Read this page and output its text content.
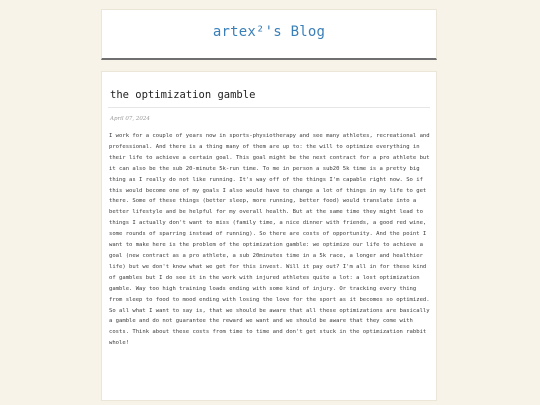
artex²'s Blog
the optimization gamble
April 07, 2024

I work for a couple of years now in sports-physiotherapy and see many athletes, recreational and professional. And there is a thing many of them are up to: the will to optimize everything in their life to achieve a certain goal. This goal might be the next contract for a pro athlete but it can also be the sub 20-minute 5k-run time. To me in person a sub20 5k time is a pretty big thing as I really do not like running. It's way off of the things I'm capable right now. So if this would become one of my goals I also would have to change a lot of things in my life to get there. Some of these things (better sleep, more running, better food) would translate into a better lifestyle and be helpful for my overall health. But at the same time they might lead to things I actually don't want to miss (family time, a nice dinner with friends, a good red wine, some rounds of sparring instead of running). So there are costs of opportunity. And the point I want to make here is the problem of the optimization gamble: we optimize our life to achieve a goal (new contract as a pro athlete, a sub 20minutes time in a 5k race, a longer and healthier life) but we don't know what we get for this invest. Will it pay out? I'm all in for these kind of gambles but I do see it in the work with injured athletes quite a lot: a lost optimization gamble. Way too high training loads ending with some kind of injury. Or tracking every thing from sleep to food to mood ending with losing the love for the sport as it becomes so optimized. So all what I want to say is, that we should be aware that all these optimizations are basically a gamble and do not guarantee the reward we want and we should be aware that they come with costs. Think about these costs from time to time and don't get stuck in the optimization rabbit whole!
